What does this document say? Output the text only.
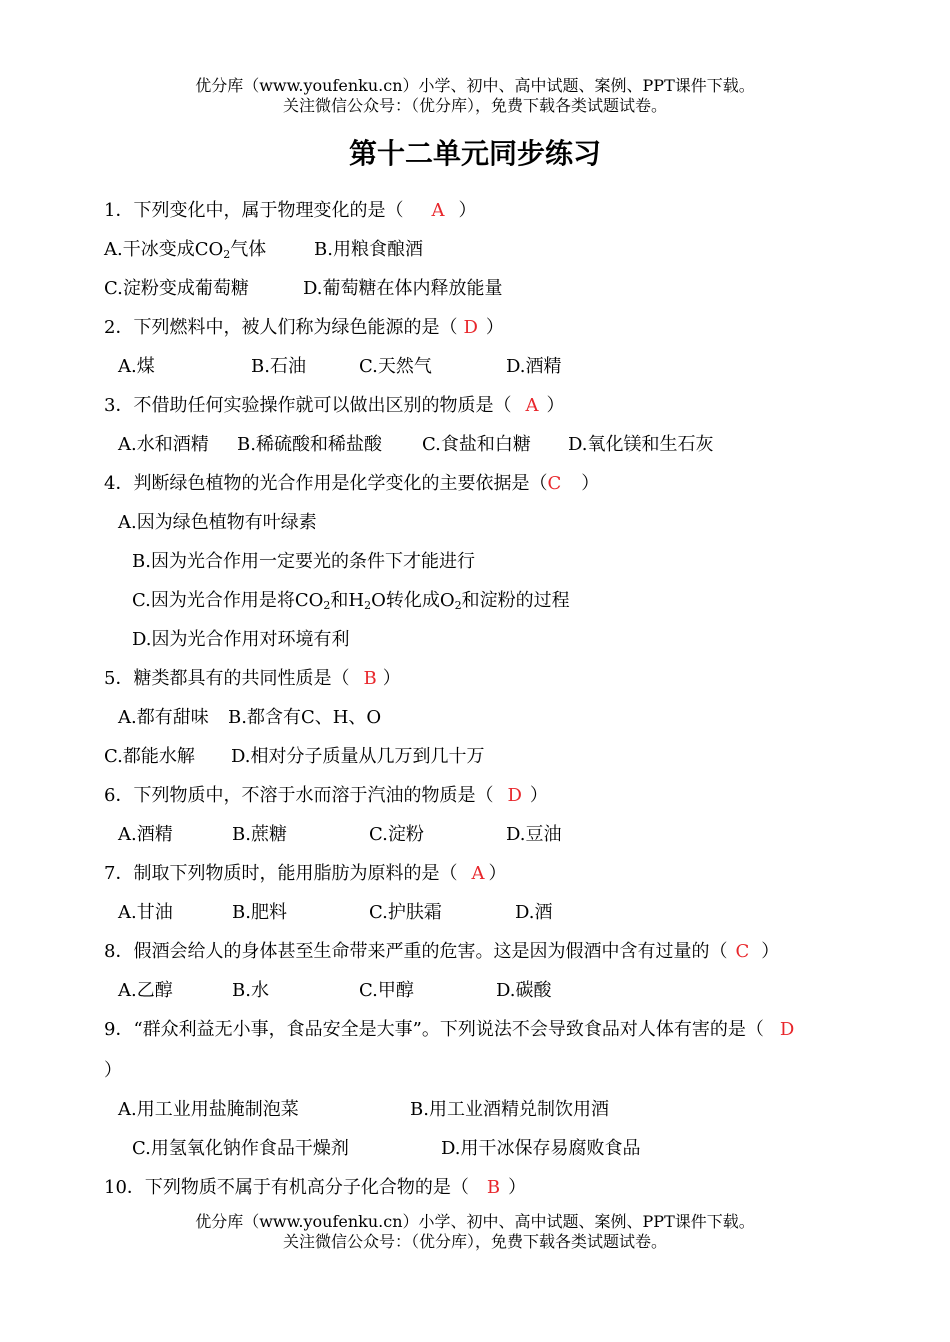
优分库（www.youfenku.cn）小学、初中、高中试题、案例、PPT课件下载。
关注微信公众号：（优分库），免费下载各类试题试卷。
第十二单元同步练习
1．下列变化中，属于物理变化的是（ A ）
A.干冰变成$CO_2$气体	B.用粮食酿酒
C.淀粉变成葡萄糖	D.葡萄糖在体内释放能量
2．下列燃料中，被人们称为绿色能源的是（ D ）
A.煤	B.石油	C.天然气	D.酒精
3．不借助任何实验操作就可以做出区别的物质是（ A ）
A.水和酒精 B.稀硫酸和稀盐酸 C.食盐和白糖 D.氧化镁和生石灰
4．判断绿色植物的光合作用是化学变化的主要依据是（C ）
A.因为绿色植物有叶绿素
B.因为光合作用一定要光的条件下才能进行
C.因为光合作用是将$CO_2$和$H_2O$转化成$O_2$和淀粉的过程
D.因为光合作用对环境有利
5．糖类都具有的共同性质是（ B ）
A.都有甜味 B.都含有C、H、O
C.都能水解 D.相对分子质量从几万到几十万
6．下列物质中，不溶于水而溶于汽油的物质是（ D ）
A.酒精	B.蔗糖	C.淀粉	D.豆油
7．制取下列物质时，能用脂肪为原料的是（ A ）
A.甘油	B.肥料	C.护肤霜	D.酒
8．假酒会给人的身体甚至生命带来严重的危害。这是因为假酒中含有过量的（ C ）
A.乙醇	B.水	C.甲醇	D.碳酸
9．“群众利益无小事，食品安全是大事”。下列说法不会导致食品对人体有害的是（ D
）
A.用工业用盐腌制泡菜	B.用工业酒精兑制饮用酒
C.用氢氧化钠作食品干燥剂	D.用干冰保存易腐败食品
10．下列物质不属于有机高分子化合物的是（ B ）
优分库（www.youfenku.cn）小学、初中、高中试题、案例、PPT课件下载。
关注微信公众号：（优分库），免费下载各类试题试卷。
